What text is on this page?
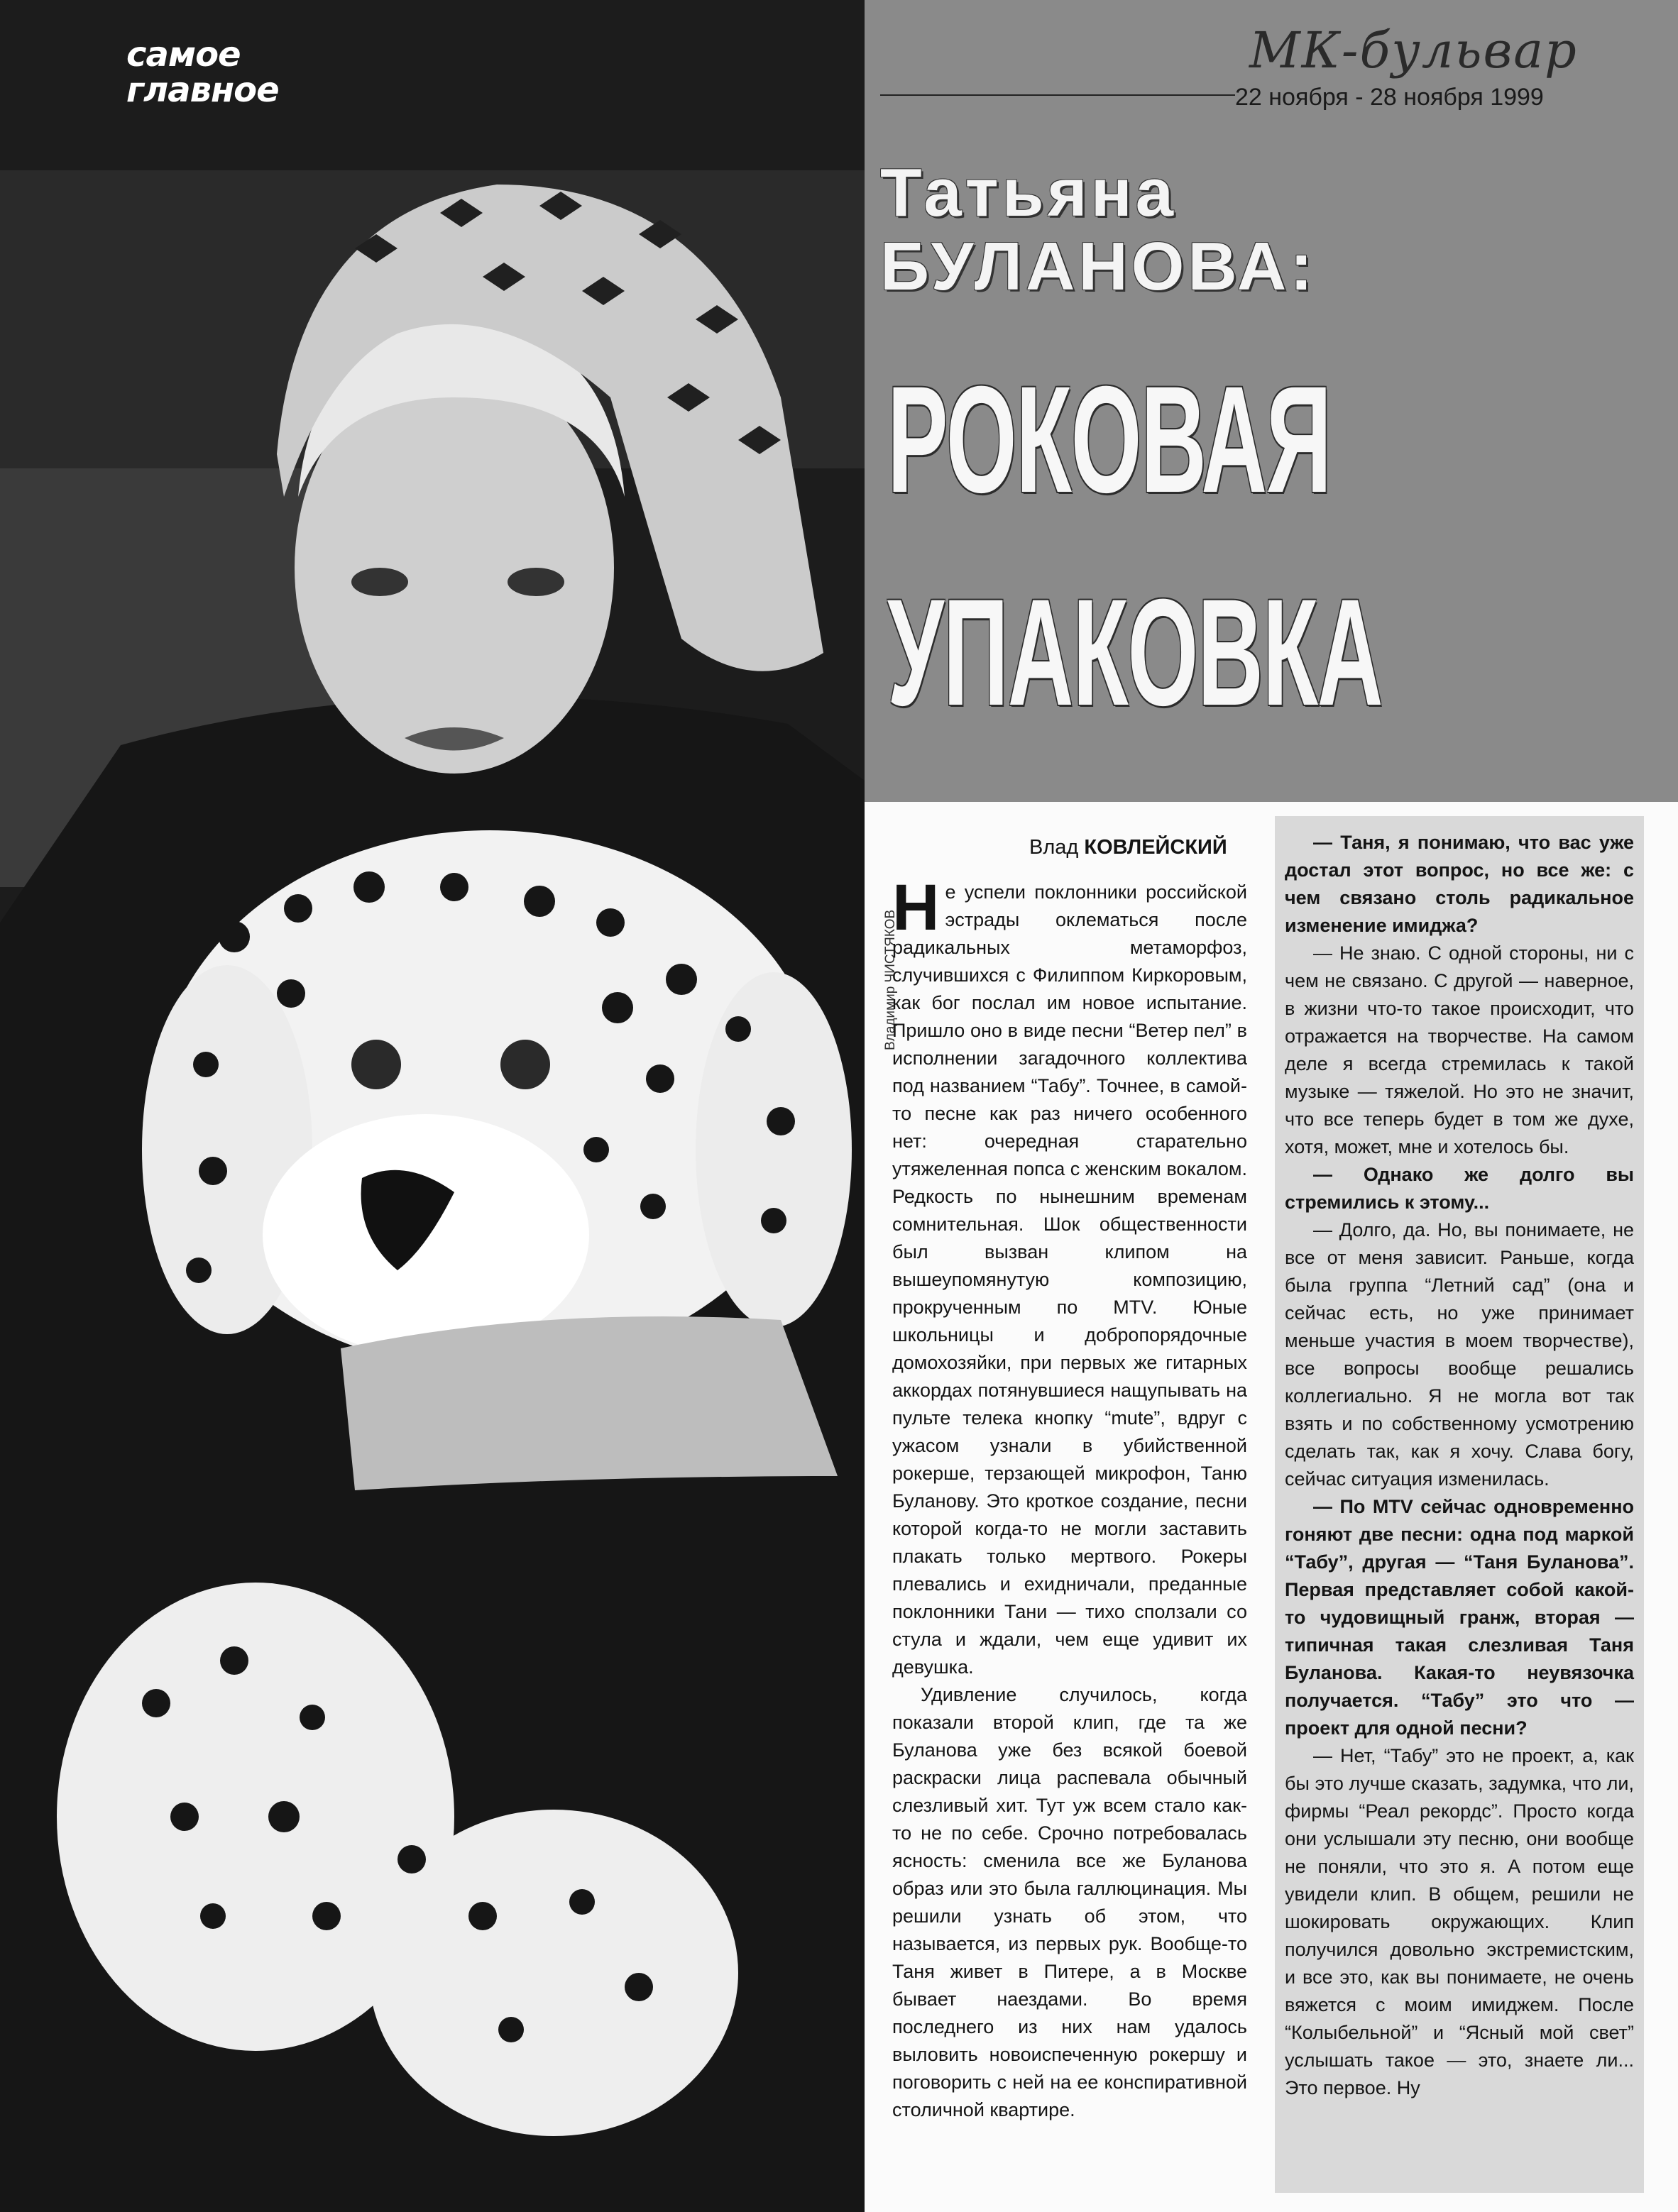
самое
главное
МК-бульвар
22 ноября - 28 ноября 1999
Татьяна
БУЛАНОВА:
РОКОВАЯ
УПАКОВКА
Владимир ЧИСТЯКОВ
Влад КОВЛЕЙСКИЙ

Не успели поклонники российской эстрады оклематься после радикальных метаморфоз, случившихся с Филиппом Киркоровым, как бог послал им новое испытание. Пришло оно в виде песни “Ветер пел” в исполнении загадочного коллектива под названием “Табу”. Точнее, в самой-то песне как раз ничего особенного нет: очередная старательно утяжеленная попса с женским вокалом. Редкость по нынешним временам сомнительная. Шок общественности был вызван клипом на вышеупомянутую композицию, прокрученным по MTV. Юные школьницы и добропорядочные домохозяйки, при первых же гитарных аккордах потянувшиеся нащупывать на пульте телека кнопку “mute”, вдруг с ужасом узнали в убийственной рокерше, терзающей микрофон, Таню Буланову. Это кроткое создание, песни которой когда-то не могли заставить плакать только мертвого. Рокеры плевались и ехидничали, преданные поклонники Тани — тихо сползали со стула и ждали, чем еще удивит их девушка.

Удивление случилось, когда показали второй клип, где та же Буланова уже без всякой боевой раскраски лица распевала обычный слезливый хит. Тут уж всем стало как-то не по себе. Срочно потребовалась ясность: сменила все же Буланова образ или это была галлюцинация. Мы решили узнать об этом, что называется, из первых рук. Вообще-то Таня живет в Питере, а в Москве бывает наездами. Во время последнего из них нам удалось выловить новоиспеченную рокершу и поговорить с ней на ее конспиративной столичной квартире.

— Таня, я понимаю, что вас уже достал этот вопрос, но все же: с чем связано столь радикальное изменение имиджа?

— Не знаю. С одной стороны, ни с чем не связано. С другой — наверное, в жизни что-то такое происходит, что отражается на творчестве. На самом деле я всегда стремилась к такой музыке — тяжелой. Но это не значит, что все теперь будет в том же духе, хотя, может, мне и хотелось бы.

— Однако же долго вы стремились к этому...

— Долго, да. Но, вы понимаете, не все от меня зависит. Раньше, когда была группа “Летний сад” (она и сейчас есть, но уже принимает меньше участия в моем творчестве), все вопросы вообще решались коллегиально. Я не могла вот так взять и по собственному усмотрению сделать так, как я хочу. Слава богу, сейчас ситуация изменилась.

— По MTV сейчас одновременно гоняют две песни: одна под маркой “Табу”, другая — “Таня Буланова”. Первая представляет собой какой-то чудовищный гранж, вторая — типичная такая слезливая Таня Буланова. Какая-то неувязочка получается. “Табу” это что — проект для одной песни?

— Нет, “Табу” это не проект, а, как бы это лучше сказать, задумка, что ли, фирмы “Реал рекордс”. Просто когда они услышали эту песню, они вообще не поняли, что это я. А потом еще увидели клип. В общем, решили не шокировать окружающих. Клип получился довольно экстремистским, и все это, как вы понимаете, не очень вяжется с моим имиджем. После “Колыбельной” и “Ясный мой свет” услышать такое — это, знаете ли... Это первое. Ну
